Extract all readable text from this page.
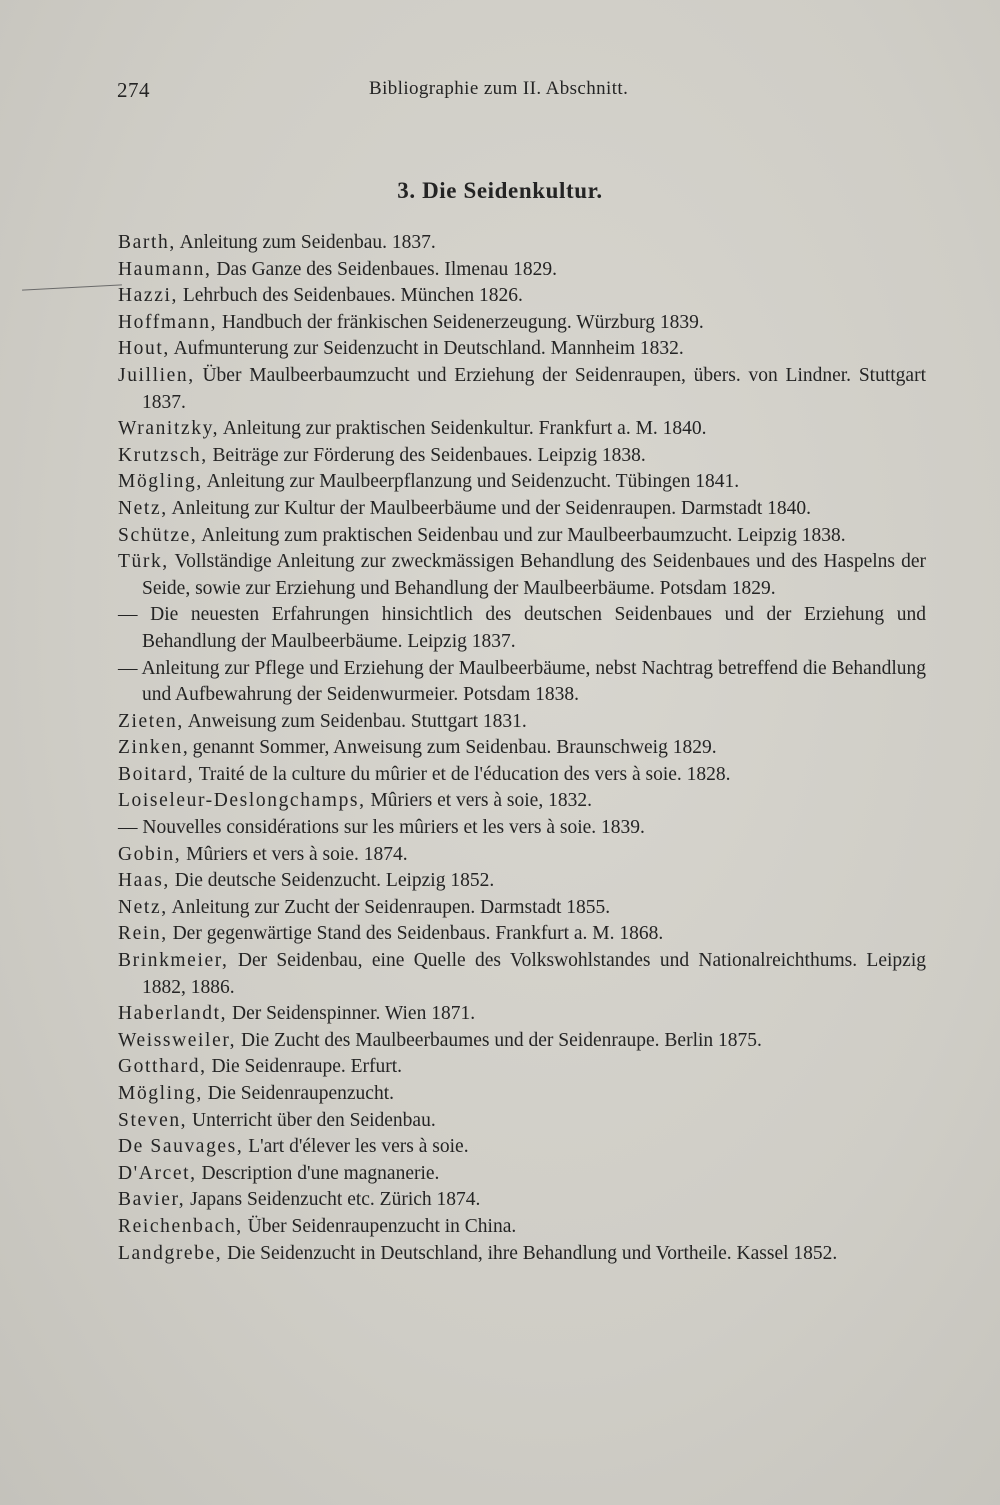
274	Bibliographie zum II. Abschnitt.
3. Die Seidenkultur.

Barth, Anleitung zum Seidenbau. 1837.

Haumann, Das Ganze des Seidenbaues. Ilmenau 1829.

Hazzi, Lehrbuch des Seidenbaues. München 1826.

Hoffmann, Handbuch der fränkischen Seidenerzeugung. Würzburg 1839.

Hout, Aufmunterung zur Seidenzucht in Deutschland. Mannheim 1832.

Juillien, Über Maulbeerbaumzucht und Erziehung der Seidenraupen, übers. von Lindner. Stuttgart 1837.

Wranitzky, Anleitung zur praktischen Seidenkultur. Frankfurt a. M. 1840.

Krutzsch, Beiträge zur Förderung des Seidenbaues. Leipzig 1838.

Mögling, Anleitung zur Maulbeerpflanzung und Seidenzucht. Tübingen 1841.

Netz, Anleitung zur Kultur der Maulbeerbäume und der Seidenraupen. Darmstadt 1840.

Schütze, Anleitung zum praktischen Seidenbau und zur Maulbeerbaumzucht. Leipzig 1838.

Türk, Vollständige Anleitung zur zweckmässigen Behandlung des Seidenbaues und des Haspelns der Seide, sowie zur Erziehung und Behandlung der Maulbeerbäume. Potsdam 1829.

— Die neuesten Erfahrungen hinsichtlich des deutschen Seidenbaues und der Erziehung und Behandlung der Maulbeerbäume. Leipzig 1837.

— Anleitung zur Pflege und Erziehung der Maulbeerbäume, nebst Nachtrag betreffend die Behandlung und Aufbewahrung der Seidenwurmeier. Potsdam 1838.

Zieten, Anweisung zum Seidenbau. Stuttgart 1831.

Zinken, genannt Sommer, Anweisung zum Seidenbau. Braunschweig 1829.

Boitard, Traité de la culture du mûrier et de l'éducation des vers à soie. 1828.

Loiseleur-Deslongchamps, Mûriers et vers à soie, 1832.

— Nouvelles considérations sur les mûriers et les vers à soie. 1839.

Gobin, Mûriers et vers à soie. 1874.

Haas, Die deutsche Seidenzucht. Leipzig 1852.

Netz, Anleitung zur Zucht der Seidenraupen. Darmstadt 1855.

Rein, Der gegenwärtige Stand des Seidenbaus. Frankfurt a. M. 1868.

Brinkmeier, Der Seidenbau, eine Quelle des Volkswohlstandes und Nationalreichthums. Leipzig 1882, 1886.

Haberlandt, Der Seidenspinner. Wien 1871.

Weissweiler, Die Zucht des Maulbeerbaumes und der Seidenraupe. Berlin 1875.

Gotthard, Die Seidenraupe. Erfurt.

Mögling, Die Seidenraupenzucht.

Steven, Unterricht über den Seidenbau.

De Sauvages, L'art d'élever les vers à soie.

D'Arcet, Description d'une magnanerie.

Bavier, Japans Seidenzucht etc. Zürich 1874.

Reichenbach, Über Seidenraupenzucht in China.

Landgrebe, Die Seidenzucht in Deutschland, ihre Behandlung und Vortheile. Kassel 1852.
